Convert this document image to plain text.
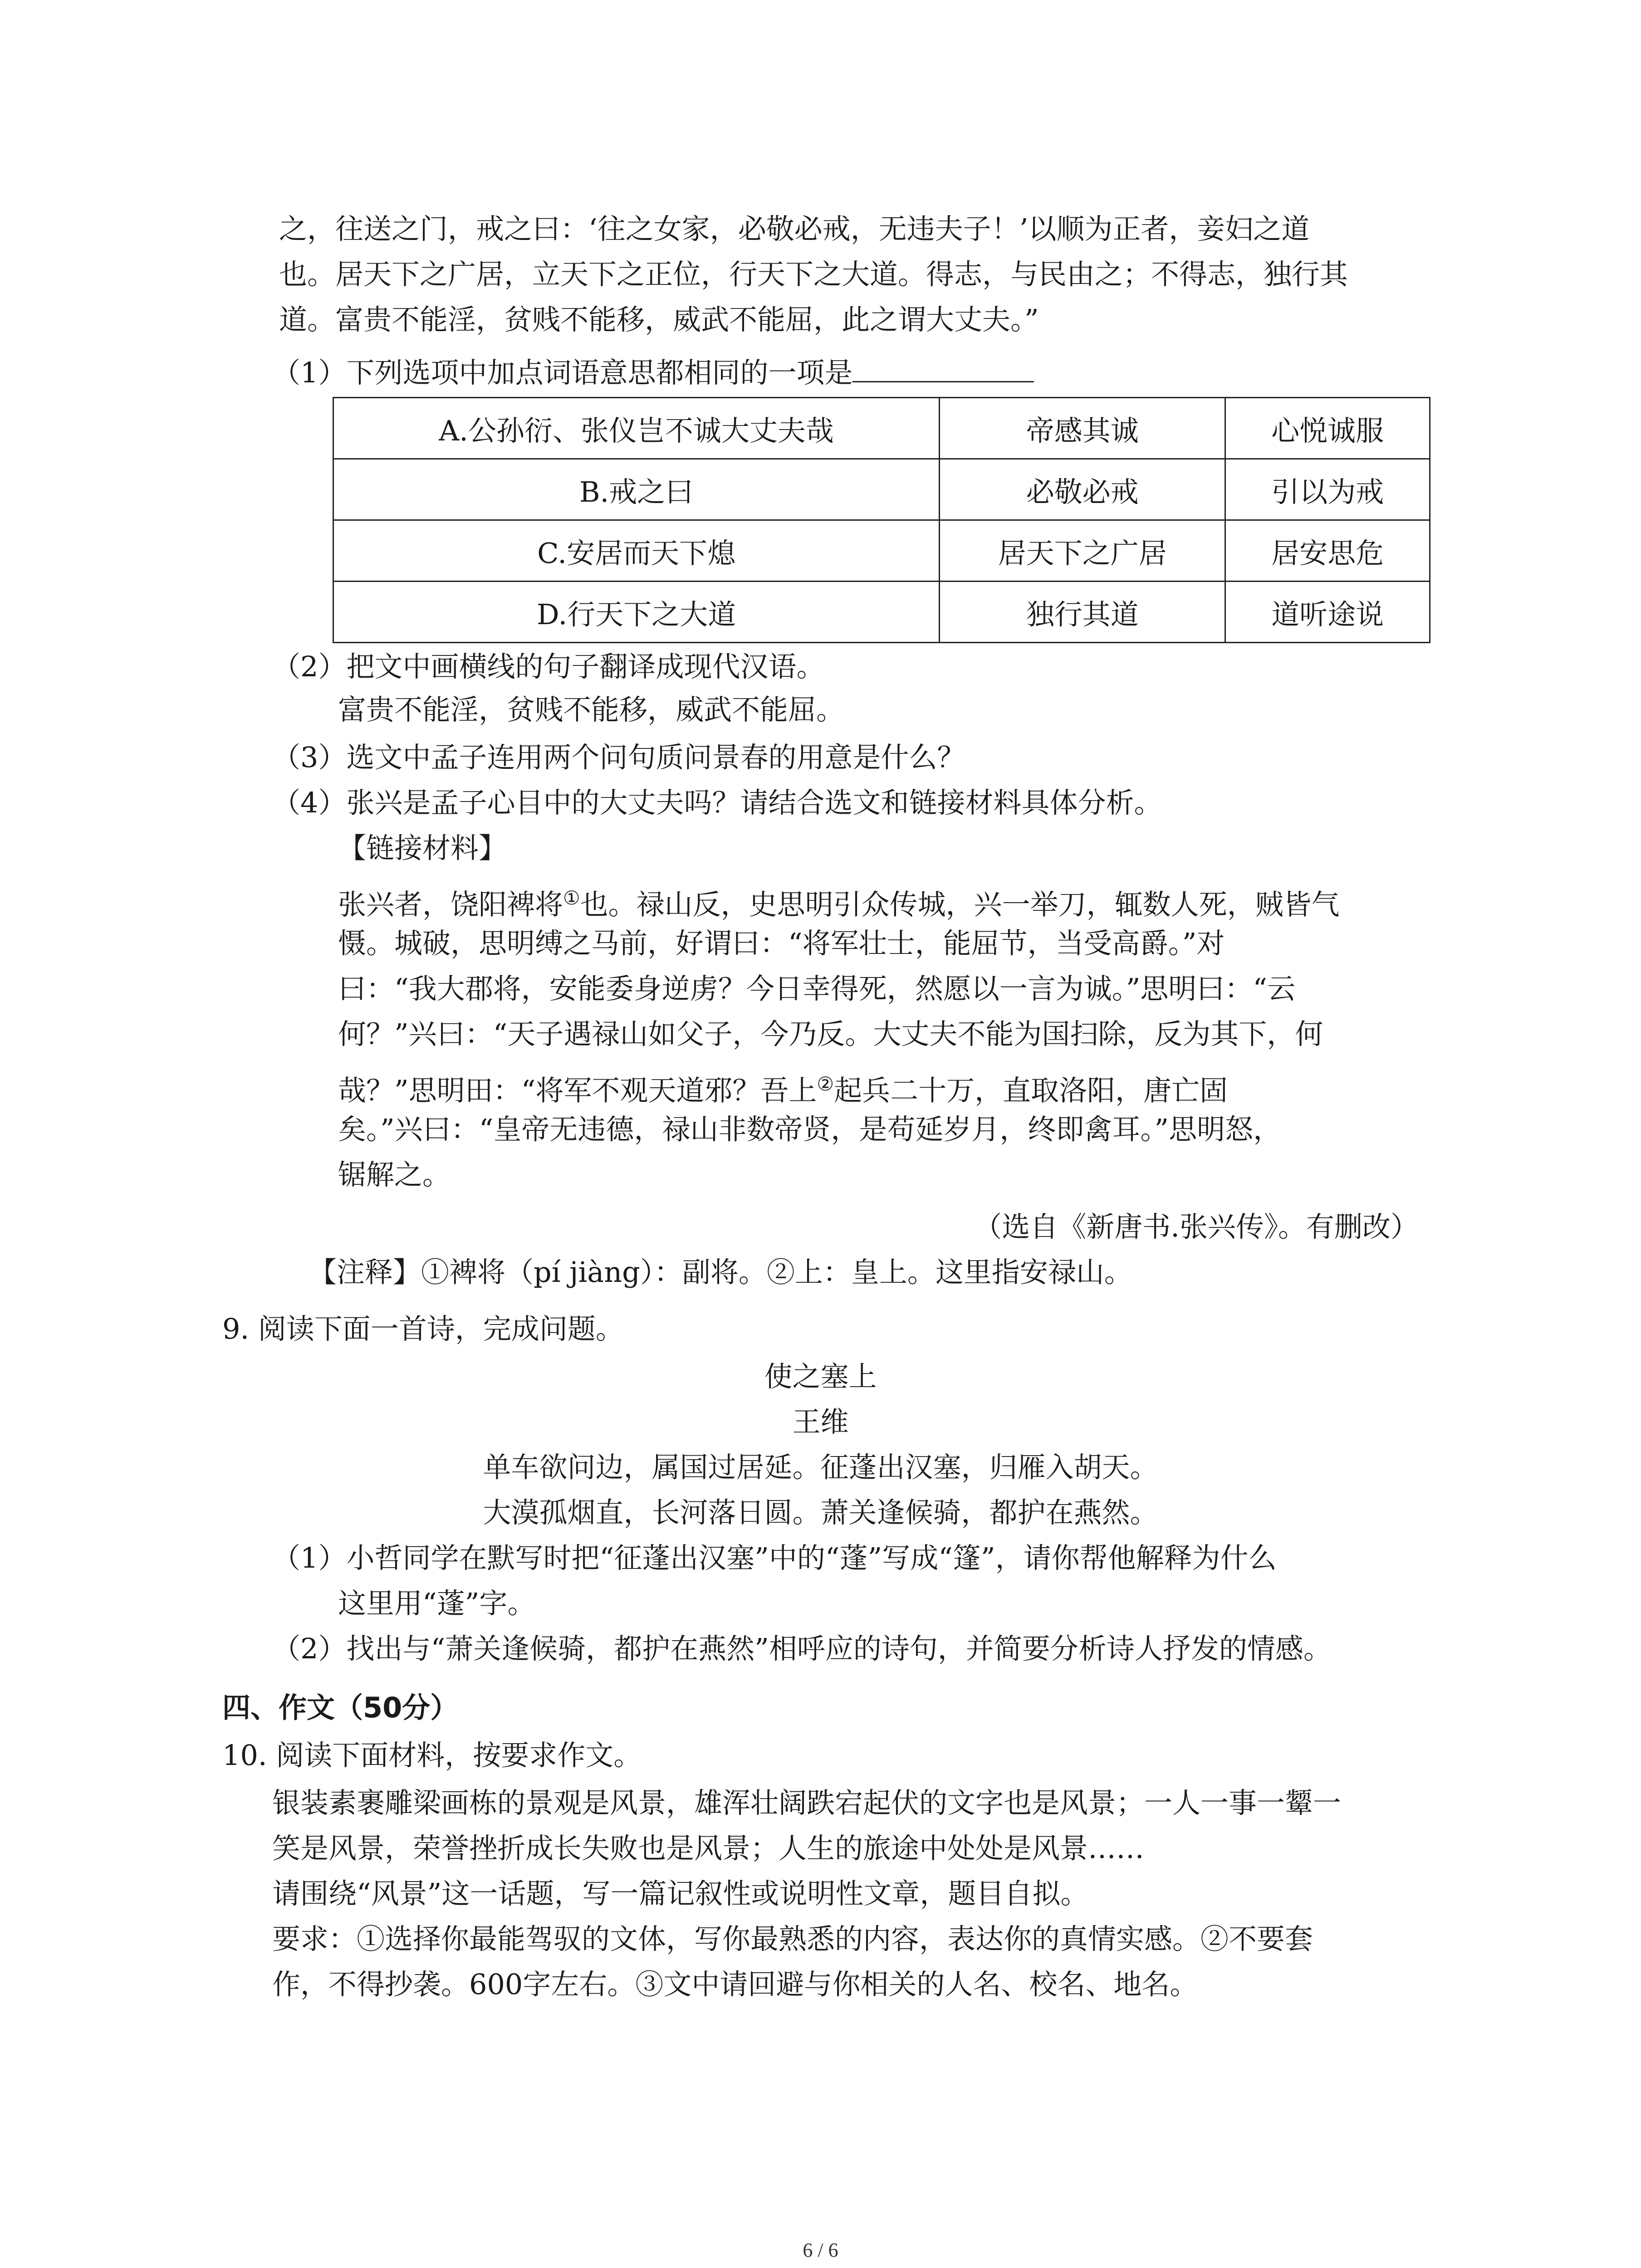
之，往送之门，戒之曰：‘往之女家，必敬必戒，无违夫子！’以顺为正者，妾妇之道
也。居天下之广居，立天下之正位，行天下之大道。得志，与民由之；不得志，独行其
道。富贵不能淫，贫贱不能移，威武不能屈，此之谓大丈夫。”
（1）下列选项中加点词语意思都相同的一项是
A.公孙衍、张仪岂不诚大丈夫哉	帝感其诚	心悦诚服
B.戒之曰	必敬必戒	引以为戒
C.安居而天下熄	居天下之广居	居安思危
D.行天下之大道	独行其道	道听途说
（2）把文中画横线的句子翻译成现代汉语。
富贵不能淫，贫贱不能移，威武不能屈。
（3）选文中孟子连用两个问句质问景春的用意是什么？
（4）张兴是孟子心目中的大丈夫吗？请结合选文和链接材料具体分析。
【链接材料】
张兴者，饶阳裨将①也。禄山反，史思明引众传城，兴一举刀，辄数人死，贼皆气
慑。城破，思明缚之马前，好谓曰：“将军壮士，能屈节，当受高爵。”对
曰：“我大郡将，安能委身逆虏？今日幸得死，然愿以一言为诚。”思明曰：“云
何？”兴曰：“天子遇禄山如父子，今乃反。大丈夫不能为国扫除，反为其下，何
哉？”思明田：“将军不观天道邪？吾上②起兵二十万，直取洛阳，唐亡固
矣。”兴曰：“皇帝无违德，禄山非数帝贤，是苟延岁月，终即禽耳。”思明怒，
锯解之。
（选自《新唐书.张兴传》。有删改）
【注释】①裨将（pí jiàng）：副将。②上：皇上。这里指安禄山。
9. 阅读下面一首诗，完成问题。
使之塞上
王维
单车欲问边，属国过居延。征蓬出汉塞，归雁入胡天。
大漠孤烟直，长河落日圆。萧关逢候骑，都护在燕然。
（1）小哲同学在默写时把“征蓬出汉塞”中的“蓬”写成“篷”，请你帮他解释为什么
这里用“蓬”字。
（2）找出与“萧关逢候骑，都护在燕然”相呼应的诗句，并简要分析诗人抒发的情感。
四、作文（50分）
10. 阅读下面材料，按要求作文。
银装素裹雕梁画栋的景观是风景，雄浑壮阔跌宕起伏的文字也是风景；一人一事一颦一
笑是风景，荣誉挫折成长失败也是风景；人生的旅途中处处是风景……
请围绕“风景”这一话题，写一篇记叙性或说明性文章，题目自拟。
要求：①选择你最能驾驭的文体，写你最熟悉的内容，表达你的真情实感。②不要套
作，不得抄袭。600字左右。③文中请回避与你相关的人名、校名、地名。
6 / 6
